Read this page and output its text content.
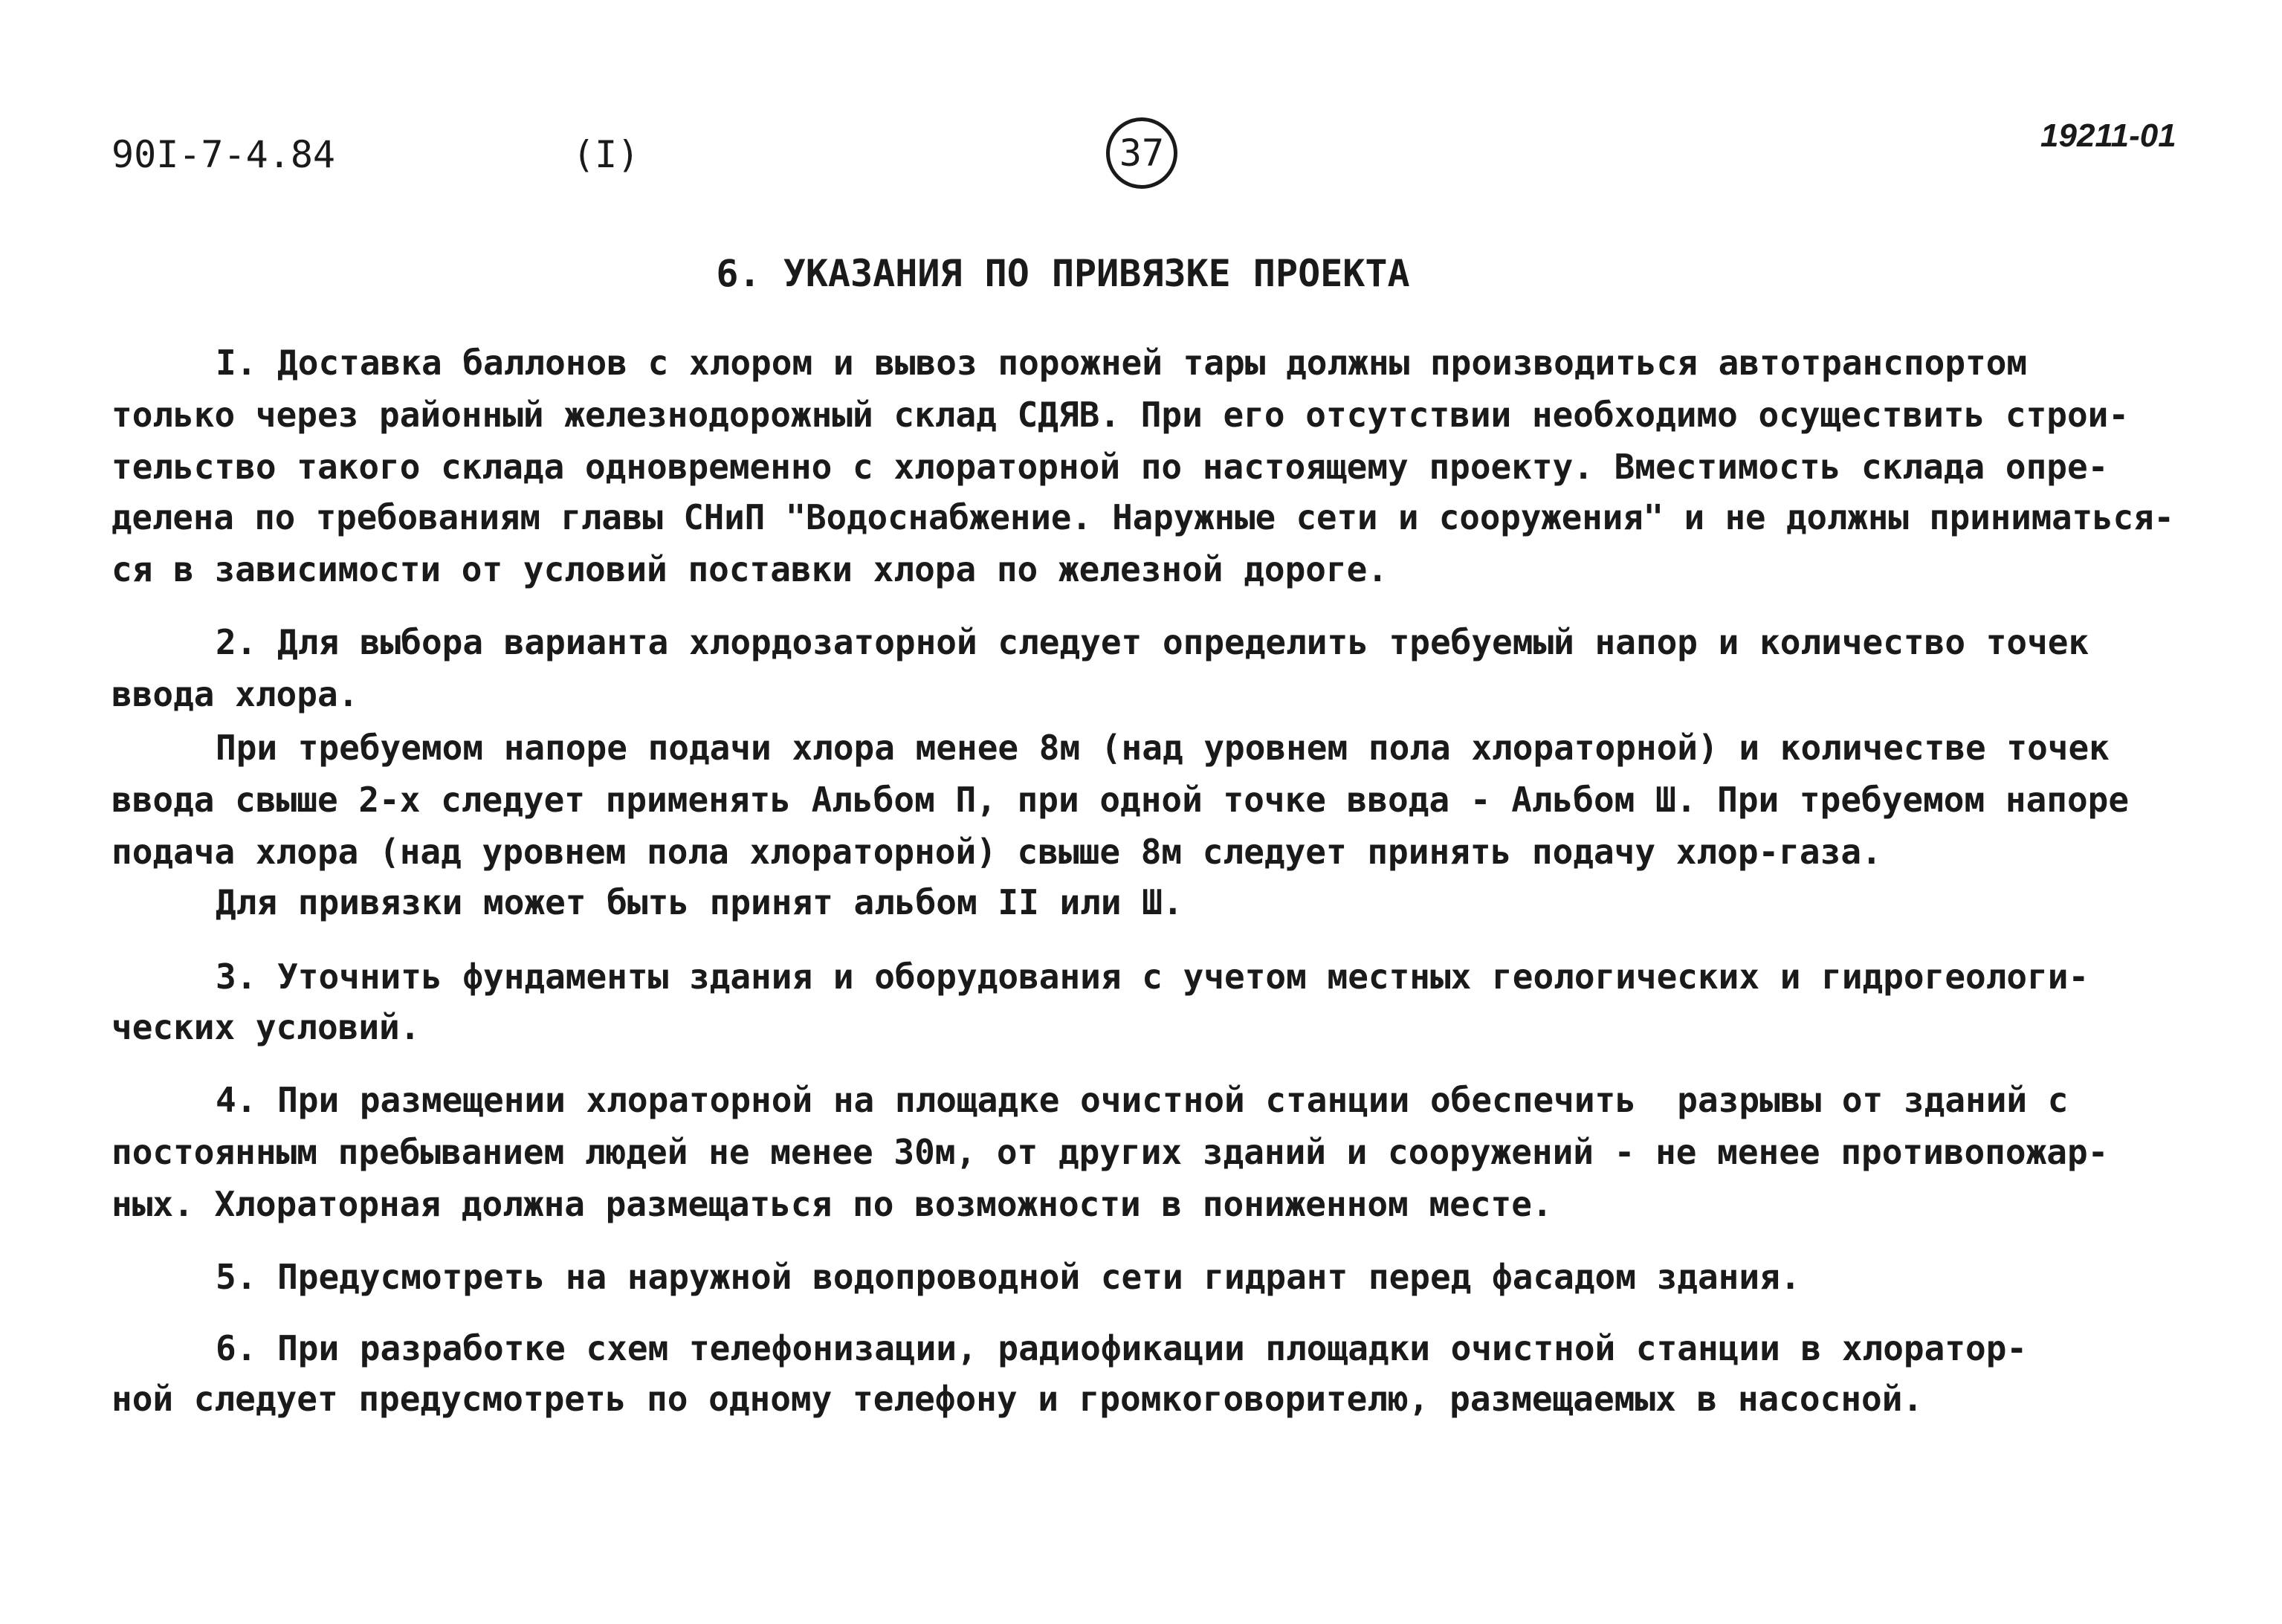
90I-7-4.84	(I)	37	19211-01
6. УКАЗАНИЯ ПО ПРИВЯЗКЕ ПРОЕКТА
I. Доставка баллонов с хлором и вывоз порожней тары должны производиться автотранспортом
только через районный железнодорожный склад СДЯВ. При его отсутствии необходимо осуществить строи-
тельство такого склада одновременно с хлораторной по настоящему проекту. Вместимость склада опре-
делена по требованиям главы СНиП "Водоснабжение. Наружные сети и сооружения" и не должны приниматься-
ся в зависимости от условий поставки хлора по железной дороге.
2. Для выбора варианта хлордозаторной следует определить требуемый напор и количество точек
ввода хлора.
При требуемом напоре подачи хлора менее 8м (над уровнем пола хлораторной) и количестве точек
ввода свыше 2-х следует применять Альбом П, при одной точке ввода - Альбом Ш. При требуемом напоре
подача хлора (над уровнем пола хлораторной) свыше 8м следует принять подачу хлор-газа.
Для привязки может быть принят альбом II или Ш.
3. Уточнить фундаменты здания и оборудования с учетом местных геологических и гидрогеологи-
ческих условий.
4. При размещении хлораторной на площадке очистной станции обеспечить  разрывы от зданий с
постоянным пребыванием людей не менее 30м, от других зданий и сооружений - не менее противопожар-
ных. Хлораторная должна размещаться по возможности в пониженном месте.
5. Предусмотреть на наружной водопроводной сети гидрант перед фасадом здания.
6. При разработке схем телефонизации, радиофикации площадки очистной станции в хлоратор-
ной следует предусмотреть по одному телефону и громкоговорителю, размещаемых в насосной.
